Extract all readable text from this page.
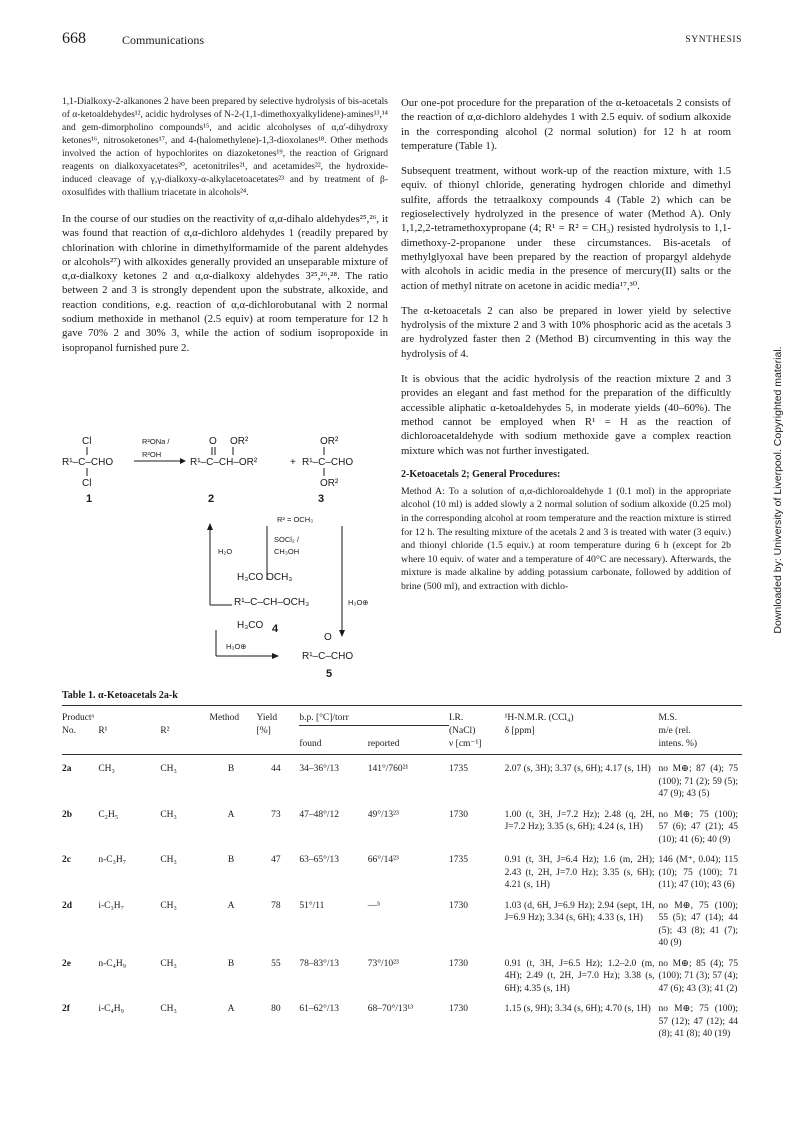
668	Communications	SYNTHESIS

1,1-Dialkoxy-2-alkanones 2 have been prepared by selective hydrolysis of bis-acetals of α-ketoaldehydes¹², acidic hydrolyses of N-2-(1,1-dimethoxyalkylidene)-amines¹³,¹⁴ and gem-dimorpholino compounds¹⁵, and acidic alcoholyses of α,α′-dihydroxy ketones¹⁶, nitrosoketones¹⁷, and 4-(halomethylene)-1,3-dioxolanes¹⁸. Other methods involved the action of hypochlorites on diazoketones¹⁹, the reaction of Grignard reagents on dialkoxyacetates²⁰, acetonitriles²¹, and acetamides²², the hydroxide-induced cleavage of γ,γ-dialkoxy-α-alkylacetoacetates²³ and by treatment of β-oxosulfides with thallium triacetate in alcohols²⁴.

In the course of our studies on the reactivity of α,α-dihalo aldehydes²⁵,²⁶, it was found that reaction of α,α-dichloro aldehydes 1 (readily prepared by chlorination with chlorine in dimethylformamide of the parent aldehydes or alcohols²⁷) with alkoxides generally provided an unseparable mixture of α,α-dialkoxy ketones 2 and α,α-dialkoxy aldehydes 3²⁵,²⁶,²⁸. The ratio between 2 and 3 is strongly dependent upon the substrate, alkoxide, and reaction conditions, e.g. reaction of α,α-dichlorobutanal with 2 normal sodium methoxide in methanol (2.5 equiv) at room temperature for 12 h gave 70% 2 and 30% 3, while the action of sodium isopropoxide in isopropanol furnished pure 2.

Cl
R¹–C–CHO
Cl
1
R²ONa /
R²OH
O OR²
R¹–C–CH–OR²
2
+
OR²
R¹–C–CHO
OR²
3
R² = OCH₃
SOCl₂ /
CH₃OH
H₂O
H₃CO OCH₃
R¹–C–CH–OCH₃
H₃CO 4
H₃O⊕
H₃O⊕
O
R¹–C–CHO

Our one-pot procedure for the preparation of the α-ketoacetals 2 consists of the reaction of α,α-dichloro aldehydes 1 with 2.5 equiv. of sodium alkoxide in the corresponding alcohol (2 normal solution) for 12 h at room temperature (Table 1).

Subsequent treatment, without work-up of the reaction mixture, with 1.5 equiv. of thionyl chloride, generating hydrogen chloride and dimethyl sulfite, affords the tetraalkoxy compounds 4 (Table 2) which can be regioselectively hydrolyzed in the presence of water (Method A). Only 1,1,2,2-tetramethoxypropane (4; R¹ = R² = CH₃) resisted hydrolysis to 1,1-dimethoxy-2-propanone under these circumstances. Bis-acetals of methylglyoxal have been prepared by the reaction of propargyl aldehyde with alcohols in acidic media in the presence of mercury(II) salts or the action of methyl nitrate on acetone in acidic media¹⁷,³⁰.

The α-ketoacetals 2 can also be prepared in lower yield by selective hydrolysis of the mixture 2 and 3 with 10% phosphoric acid as the acetals 3 are hydrolyzed faster then 2 (Method B) circumventing in this way the hydrolysis of 4.

It is obvious that the acidic hydrolysis of the reaction mixture 2 and 3 provides an elegant and fast method for the preparation of the difficultly accessible aliphatic α-ketoaldehydes 5, in moderate yields (40–60%). The method cannot be employed when R¹ = H as the reaction of dichloroacetaldehyde with sodium methoxide gave a complex reaction mixture which was not further investigated.

2-Ketoacetals 2; General Procedures:

Method A: To a solution of α,α-dichloroaldehyde 1 (0.1 mol) in the appropriate alcohol (10 ml) is added slowly a 2 normal solution of sodium alkoxide (0.25 mol) in the corresponding alcohol at room temperature and the reaction mixture is stirred for 12 h. The resulting mixture of the acetals 2 and 3 is treated with water (3 equiv.) and thionyl chloride (1.5 equiv.) at room temperature during 6 h (except for 2b where 10 equiv. of water and a temperature of 40°C are necessary). Afterwards, the mixture is made alkaline by adding potassium carbonate, followed by addition of brine (500 ml), and extraction with dichlo-	Downloaded by: University of Liverpool. Copyrighted material.
5
Table 1. α-Ketoacetals 2a-k
Productᵃ			Method	Yield	b.p. [°C]/torr		I.R.	¹H-N.M.R. (CCl₄)	M.S.
No.	R¹	R²		[%]			(NaCl)	δ [ppm]	m/e (rel.
					found	reported	ν [cm⁻¹]		intens. %)
2a	CH₃	CH₃	B	44	34–36°/13	141°/760²¹	1735	2.07 (s, 3H); 3.37 (s, 6H); 4.17 (s, 1H)	no M⊕; 87 (4); 75 (100); 71 (2); 59 (5); 47 (9); 43 (5)
2b	C₂H₅	CH₃	A	73	47–48°/12	49°/13²³	1730	1.00 (t, 3H, J=7.2 Hz); 2.48 (q, 2H, J=7.2 Hz); 3.35 (s, 6H); 4.24 (s, 1H)	no M⊕; 75 (100); 57 (6); 47 (21); 45 (10); 41 (6); 40 (9)
2c	n-C₃H₇	CH₃	B	47	63–65°/13	66°/14²³	1735	0.91 (t, 3H, J=6.4 Hz); 1.6 (m, 2H); 2.43 (t, 2H, J=7.0 Hz); 3.35 (s, 6H); 4.21 (s, 1H)	146 (M⁺, 0.04); 115 (10); 75 (100); 71 (11); 47 (10); 43 (6)
2d	i-C₃H₇	CH₃	A	78	51°/11	—ᵇ	1730	1.03 (d, 6H, J=6.9 Hz); 2.94 (sept, 1H, J=6.9 Hz); 3.34 (s, 6H); 4.33 (s, 1H)	no M⊕, 75 (100); 55 (5); 47 (14); 44 (5); 43 (8); 41 (7); 40 (9)
2e	n-C₄H₉	CH₃	B	55	78–83°/13	73°/10²³	1730	0.91 (t, 3H, J=6.5 Hz); 1.2–2.0 (m, 4H); 2.49 (t, 2H, J=7.0 Hz); 3.38 (s, 6H); 4.35 (s, 1H)	no M⊕; 85 (4); 75 (100); 71 (3); 57 (4); 47 (6); 43 (3); 41 (2)
2f	i-C₄H₉	CH₃	A	80	61–62°/13	68–70°/13¹³	1730	1.15 (s, 9H); 3.34 (s, 6H); 4.70 (s, 1H)	no M⊕; 75 (100); 57 (12); 47 (12); 44 (8); 41 (8); 40 (19)
